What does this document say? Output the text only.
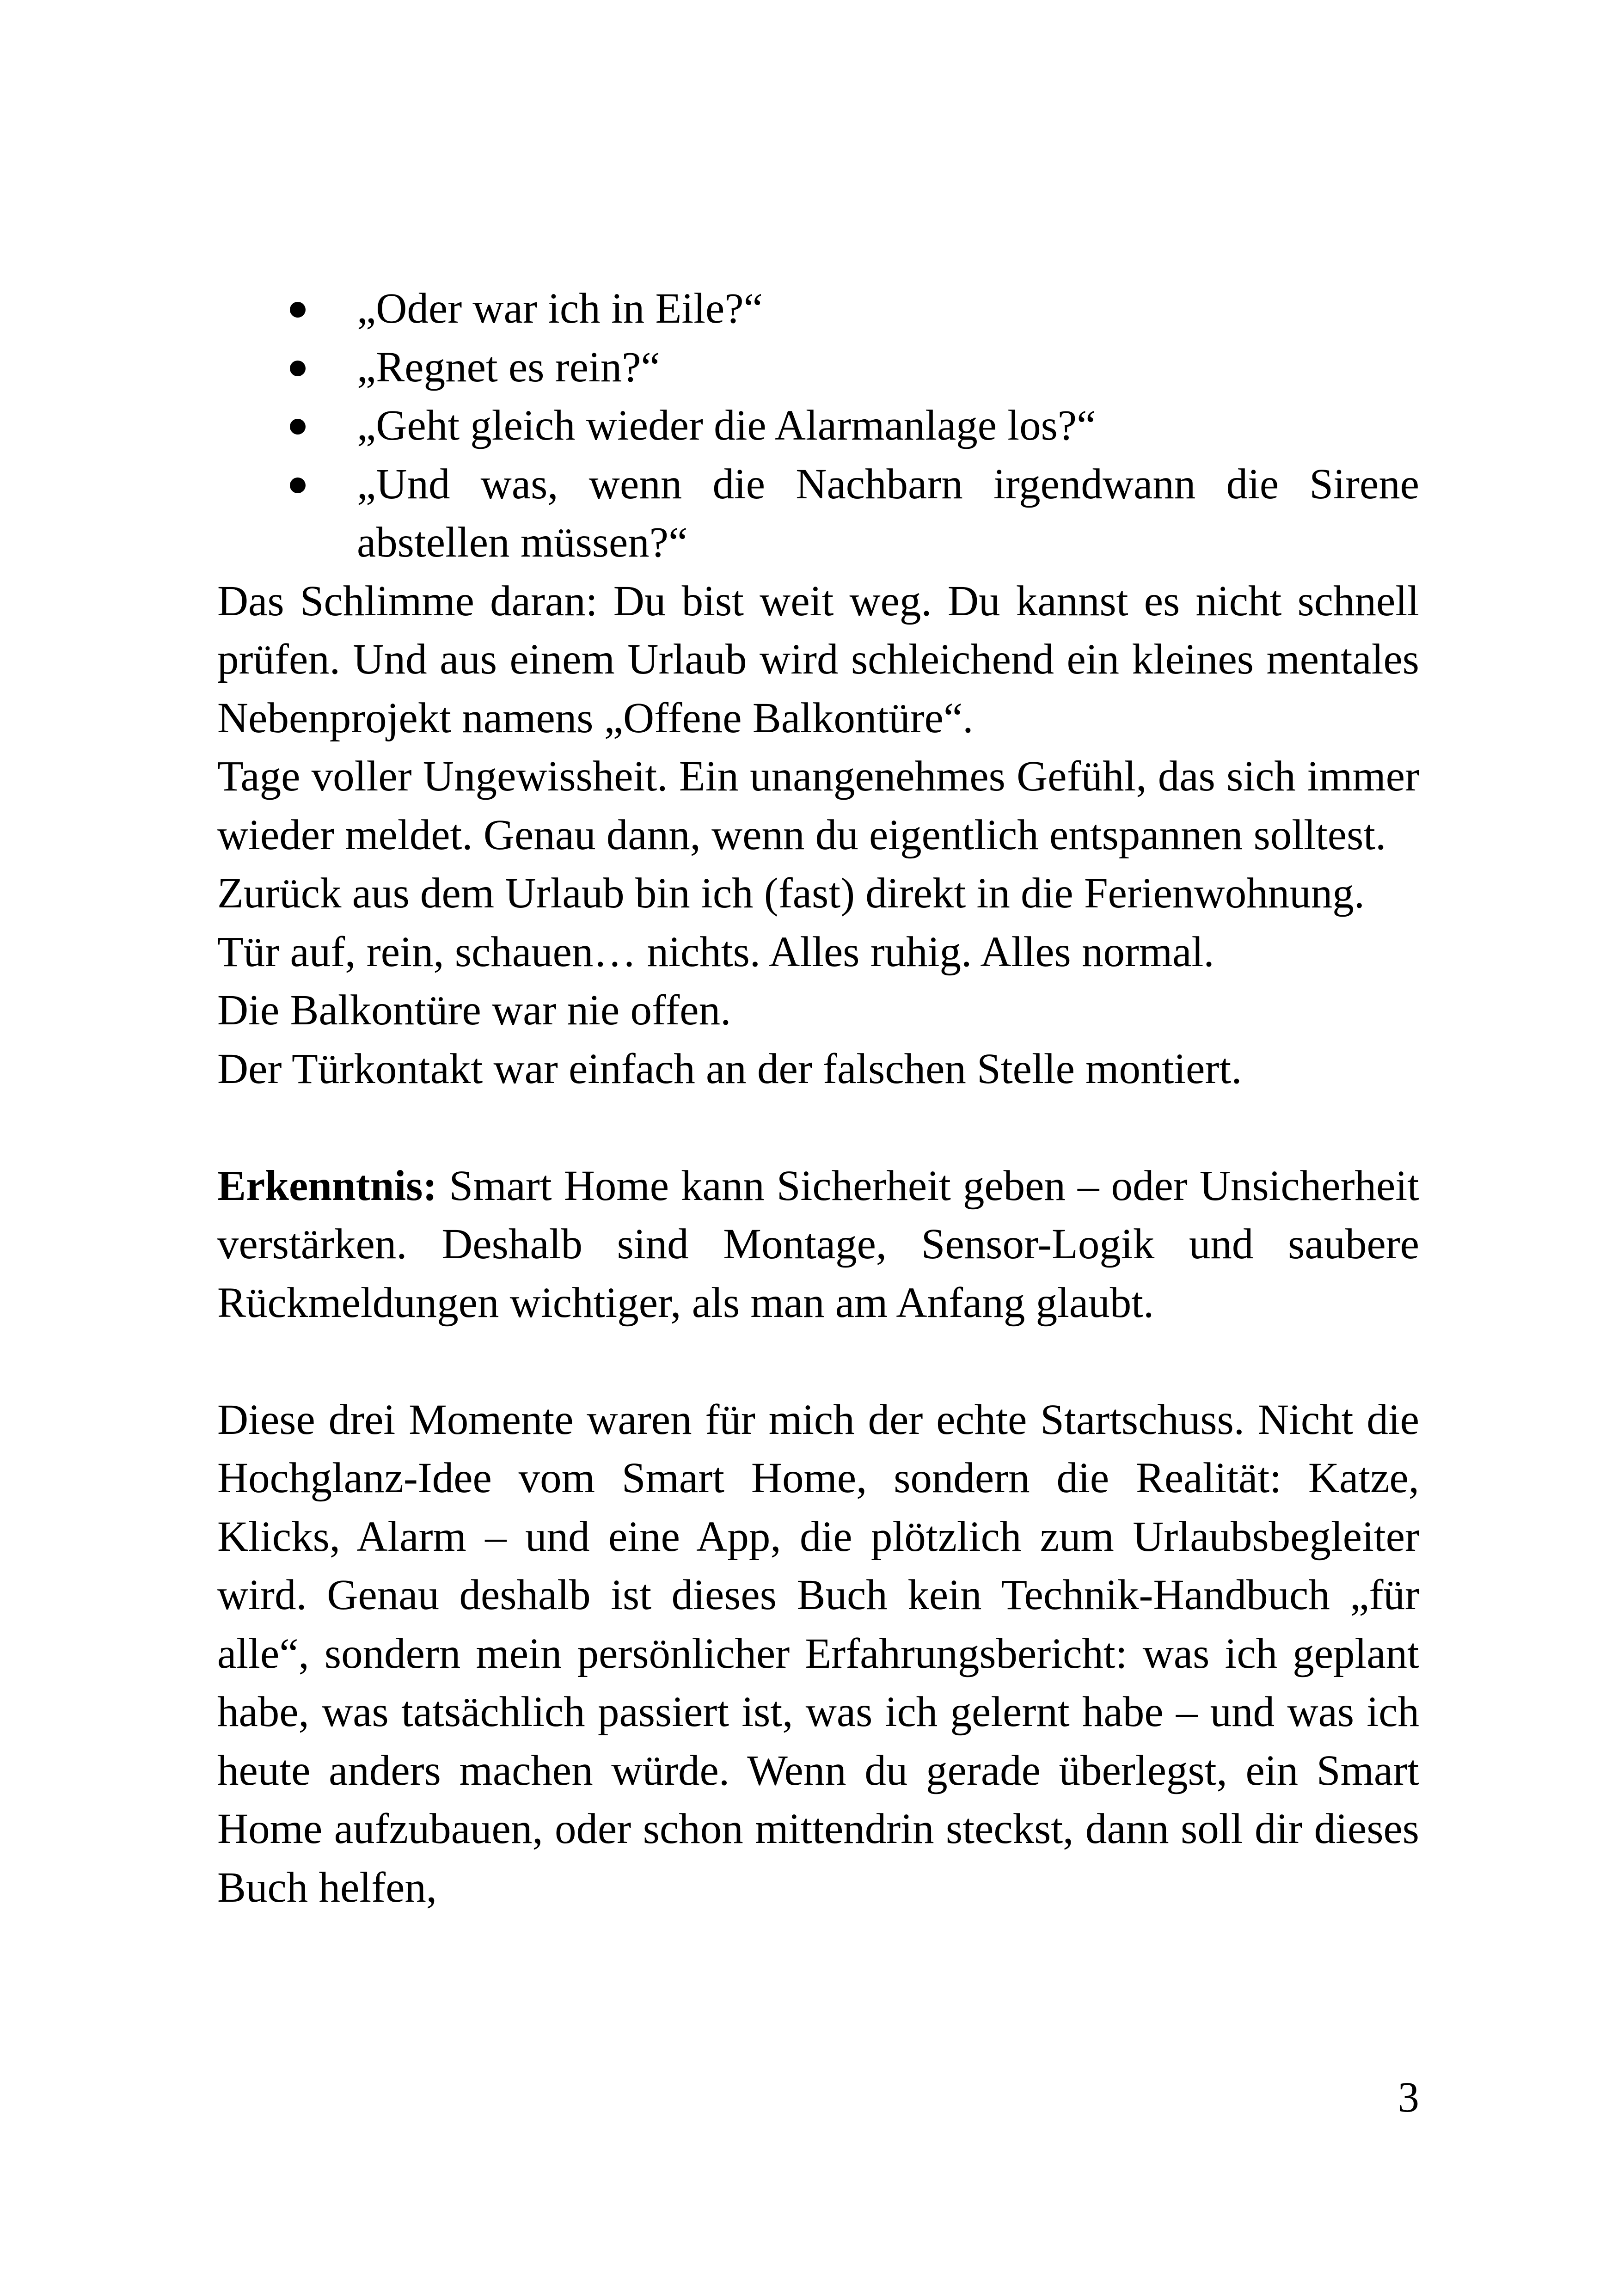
„Oder war ich in Eile?“
„Regnet es rein?“
„Geht gleich wieder die Alarmanlage los?“
„Und was, wenn die Nachbarn irgendwann die Sirene abstellen müssen?“

Das Schlimme daran: Du bist weit weg. Du kannst es nicht schnell prüfen. Und aus einem Urlaub wird schleichend ein kleines mentales Nebenprojekt namens „Offene Balkontüre“.

Tage voller Ungewissheit. Ein unangenehmes Gefühl, das sich immer wieder meldet. Genau dann, wenn du eigentlich entspannen solltest.

Zurück aus dem Urlaub bin ich (fast) direkt in die Ferienwohnung.

Tür auf, rein, schauen… nichts. Alles ruhig. Alles normal.

Die Balkontüre war nie offen.

Der Türkontakt war einfach an der falschen Stelle montiert.

Erkenntnis: Smart Home kann Sicherheit geben – oder Unsicherheit verstärken. Deshalb sind Montage, Sensor-Logik und saubere Rückmeldungen wichtiger, als man am Anfang glaubt.

Diese drei Momente waren für mich der echte Startschuss. Nicht die Hochglanz-Idee vom Smart Home, sondern die Realität: Katze, Klicks, Alarm – und eine App, die plötzlich zum Urlaubsbegleiter wird. Genau deshalb ist dieses Buch kein Technik-Handbuch „für alle“, sondern mein persönlicher Erfahrungsbericht: was ich geplant habe, was tatsächlich passiert ist, was ich gelernt habe – und was ich heute anders machen würde. Wenn du gerade überlegst, ein Smart Home aufzubauen, oder schon mittendrin steckst, dann soll dir dieses Buch helfen,

3
